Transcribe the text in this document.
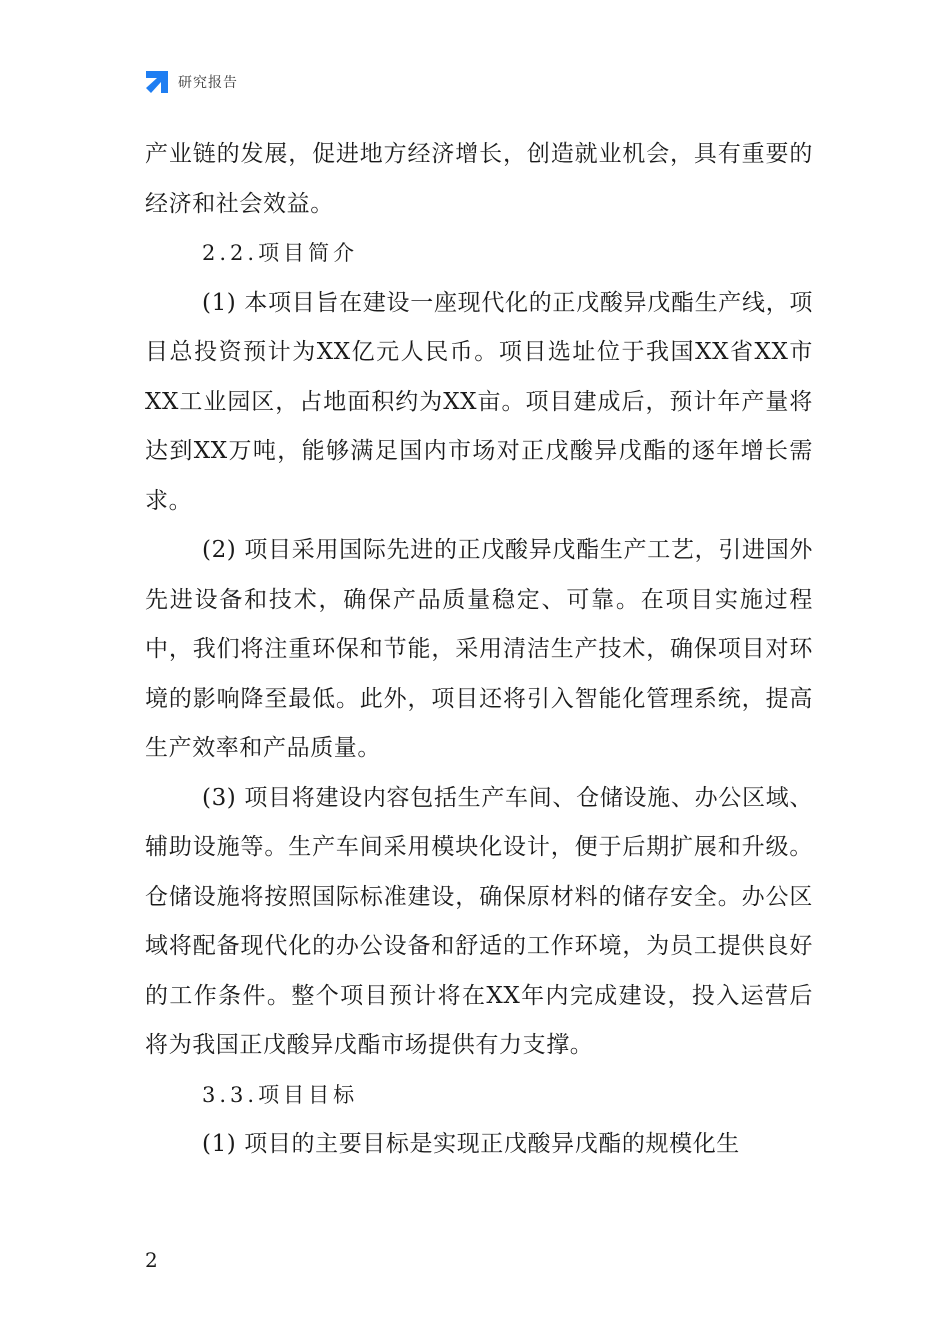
研究报告

产业链的发展，促进地方经济增长，创造就业机会，具有重要的经济和社会效益。

2.2.项目简介

(1) 本项目旨在建设一座现代化的正戊酸异戊酯生产线，项目总投资预计为XX亿元人民币。项目选址位于我国XX省XX市XX工业园区，占地面积约为XX亩。项目建成后，预计年产量将达到XX万吨，能够满足国内市场对正戊酸异戊酯的逐年增长需求。

(2) 项目采用国际先进的正戊酸异戊酯生产工艺，引进国外先进设备和技术，确保产品质量稳定、可靠。在项目实施过程中，我们将注重环保和节能，采用清洁生产技术，确保项目对环境的影响降至最低。此外，项目还将引入智能化管理系统，提高生产效率和产品质量。

(3) 项目将建设内容包括生产车间、仓储设施、办公区域、辅助设施等。生产车间采用模块化设计，便于后期扩展和升级。仓储设施将按照国际标准建设，确保原材料的储存安全。办公区域将配备现代化的办公设备和舒适的工作环境，为员工提供良好的工作条件。整个项目预计将在XX年内完成建设，投入运营后将为我国正戊酸异戊酯市场提供有力支撑。

3.3.项目目标

(1) 项目的主要目标是实现正戊酸异戊酯的规模化生

2
